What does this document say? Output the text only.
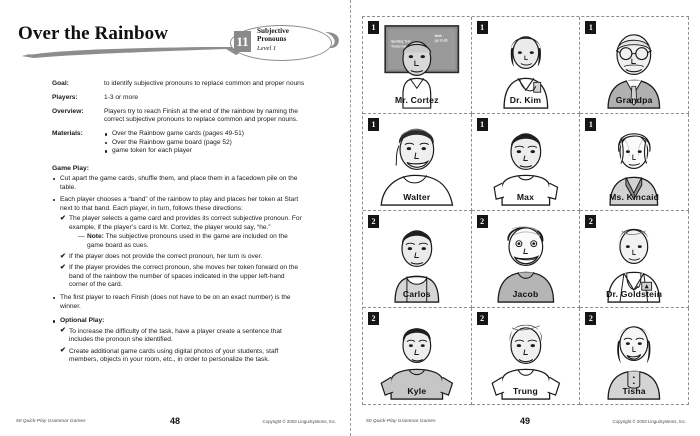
Over the Rainbow	11
Subjective
Pronouns
Level 1
Goal:	to identify subjective pronouns to replace common and proper nouns
Players:	1-3 or more
Overview:	Players try to reach Finish at the end of the rainbow by naming the correct subjective pronouns to replace common and proper nouns.
Materials:	Over the Rainbow game cards (pages 49-51)
Over the Rainbow game board (page 52)
game token for each player
Game Play:
Cut apart the game cards, shuffle them, and place them in a facedown pile on the table.
Each player chooses a “band” of the rainbow to play and places her token at Start next to that band. Each player, in turn, follows these directions:
✔ The player selects a game card and provides its correct subjective pronoun. For example, if the player’s card is Mr. Cortez, the player would say, “he.”
— Note: The subjective pronouns used in the game are included on the game board as cues.
✔ If the player does not provide the correct pronoun, her turn is over.
✔ If the player provides the correct pronoun, she moves her token forward on the band of the rainbow the number of spaces indicated in the upper left-hand corner of the card.
The first player to reach Finish (does not have to be on an exact number) is the winner.
Optional Play:
✔ To increase the difficulty of the task, have a player create a sentence that includes the pronoun she identified.
✔ Create additional game cards using digital photos of your students, staff members, objects in your room, etc., in order to personalize the task.
50 Quick-Play Grammar Games	48	Copyright © 2003 LinguiSystems, Inc.
1
Spelling Test
Tomorrow
Math
pp 12-28
Mr. Cortez
1
Dr. Kim
1
Grandpa
1
Walter
1
Max
1
Ms. Kincaid
2
Carlos
2
Jacob
2
Dr. Goldstein
2
Kyle
2
Trung
2
Tisha
50 Quick-Play Grammar Games	49	Copyright © 2003 LinguiSystems, Inc.
